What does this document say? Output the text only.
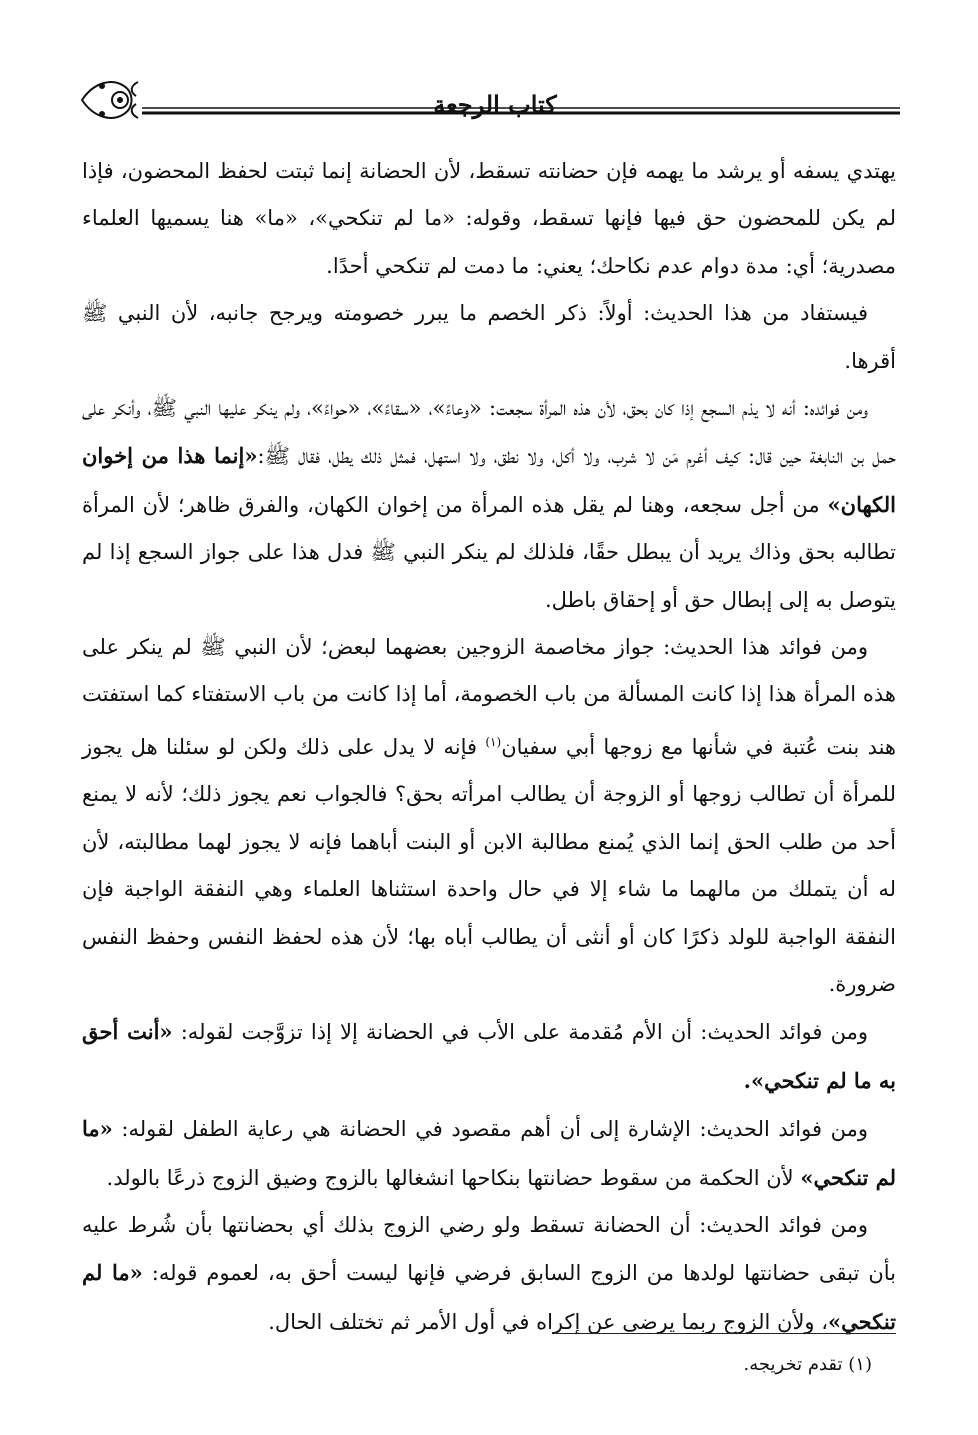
كتاب الرجعة

يهتدي يسفه أو يرشد ما يهمه فإن حضانته تسقط، لأن الحضانة إنما ثبتت لحفظ المحضون، فإذا لم يكن للمحضون حق فيها فإنها تسقط، وقوله: «ما لم تنكحي»، «ما» هنا يسميها العلماء مصدرية؛ أي: مدة دوام عدم نكاحك؛ يعني: ما دمت لم تنكحي أحدًا.

فيستفاد من هذا الحديث: أولاً: ذكر الخصم ما يبرر خصومته ويرجح جانبه، لأن النبي ﷺ أقرها.

ومن فوائده: أنه لا يذم السجع إذا كان بحق، لأن هذه المرأة سجعت: «وعاءً»، «سقاءً»، «حواءً»، ولم ينكر عليها النبي ﷺ، وأنكر على حمل بن النابغة حين قال: كيف أغرم مَن لا شرب، ولا أكل، ولا نطق، ولا استهل، فمثل ذلك يطل، فقال ﷺ:«إنما هذا من إخوان الكهان» من أجل سجعه، وهنا لم يقل هذه المرأة من إخوان الكهان، والفرق ظاهر؛ لأن المرأة تطالبه بحق وذاك يريد أن يبطل حقًا، فلذلك لم ينكر النبي ﷺ فدل هذا على جواز السجع إذا لم يتوصل به إلى إبطال حق أو إحقاق باطل.

ومن فوائد هذا الحديث: جواز مخاصمة الزوجين بعضهما لبعض؛ لأن النبي ﷺ لم ينكر على هذه المرأة هذا إذا كانت المسألة من باب الخصومة، أما إذا كانت من باب الاستفتاء كما استفتت هند بنت عُتبة في شأنها مع زوجها أبي سفيان$^{(١)}$ فإنه لا يدل على ذلك ولكن لو سئلنا هل يجوز للمرأة أن تطالب زوجها أو الزوجة أن يطالب امرأته بحق؟ فالجواب نعم يجوز ذلك؛ لأنه لا يمنع أحد من طلب الحق إنما الذي يُمنع مطالبة الابن أو البنت أباهما فإنه لا يجوز لهما مطالبته، لأن له أن يتملك من مالهما ما شاء إلا في حال واحدة استثناها العلماء وهي النفقة الواجبة فإن النفقة الواجبة للولد ذكرًا كان أو أنثى أن يطالب أباه بها؛ لأن هذه لحفظ النفس وحفظ النفس ضرورة.

ومن فوائد الحديث: أن الأم مُقدمة على الأب في الحضانة إلا إذا تزوَّجت لقوله: «أنت أحق به ما لم تنكحي».

ومن فوائد الحديث: الإشارة إلى أن أهم مقصود في الحضانة هي رعاية الطفل لقوله: «ما لم تنكحي» لأن الحكمة من سقوط حضانتها بنكاحها انشغالها بالزوج وضيق الزوج ذرعًا بالولد.

ومن فوائد الحديث: أن الحضانة تسقط ولو رضي الزوج بذلك أي بحضانتها بأن شُرط عليه بأن تبقى حضانتها لولدها من الزوج السابق فرضي فإنها ليست أحق به، لعموم قوله: «ما لم تنكحي»، ولأن الزوج ربما يرضى عن إكراه في أول الأمر ثم تختلف الحال.

(١) تقدم تخريجه.
